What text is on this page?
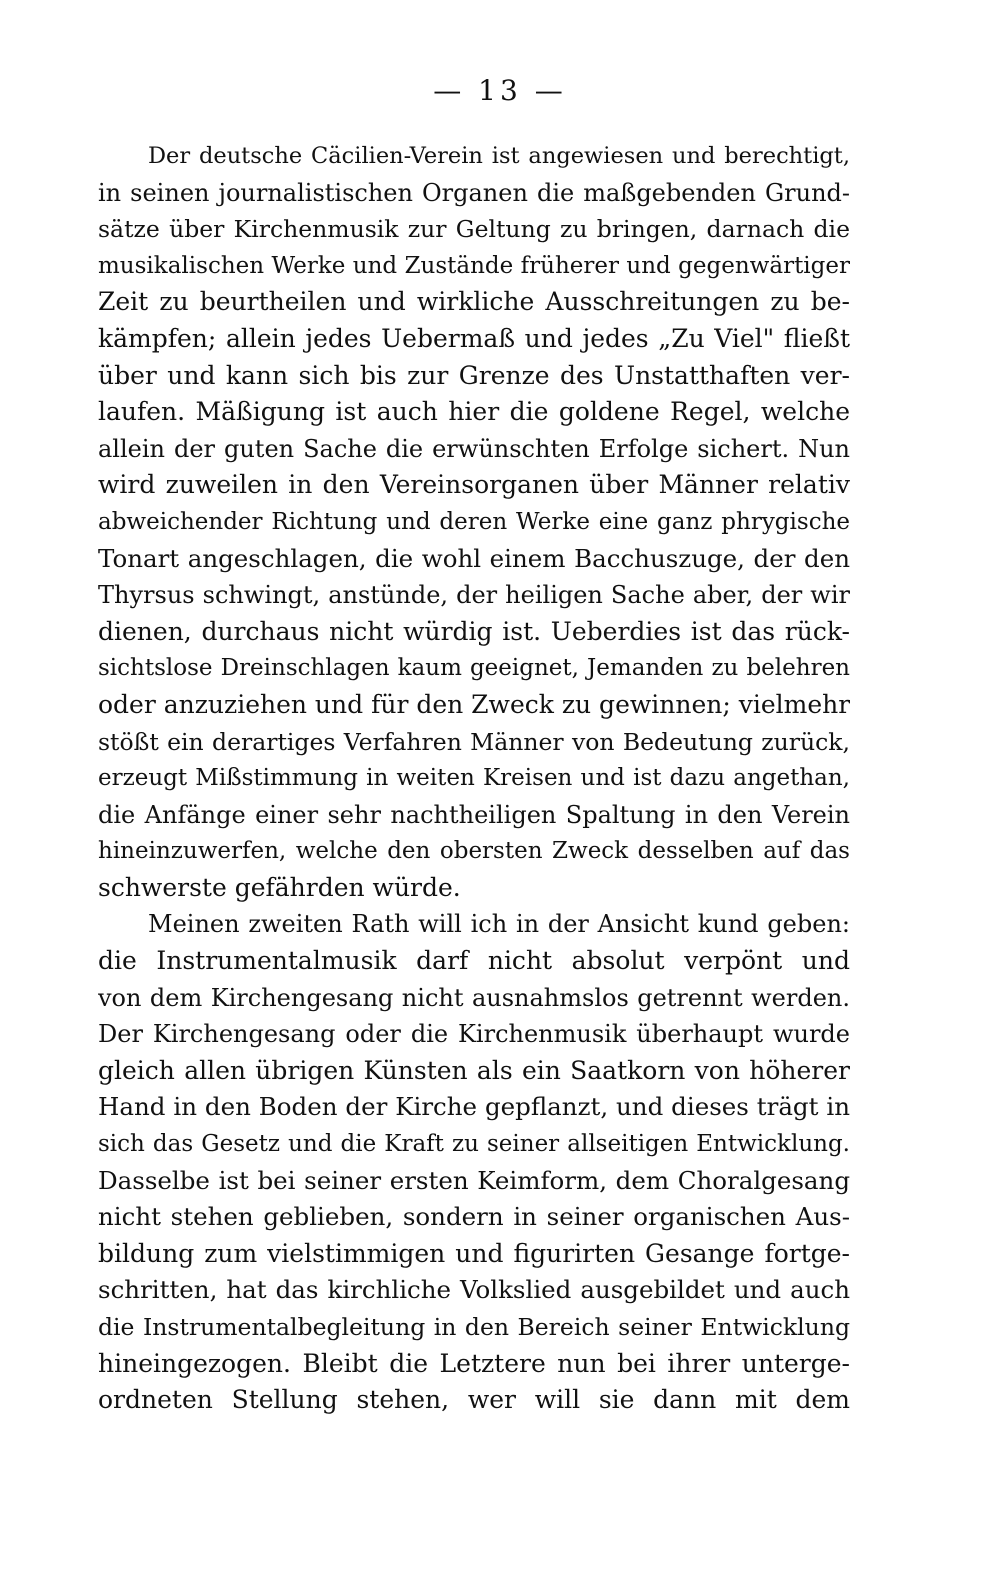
— 13 —
Der deutsche Cäcilien-Verein ist angewiesen und berechtigt,
in seinen journalistischen Organen die maßgebenden Grund-
sätze über Kirchenmusik zur Geltung zu bringen, darnach die
musikalischen Werke und Zustände früherer und gegenwärtiger
Zeit zu beurtheilen und wirkliche Ausschreitungen zu be-
kämpfen; allein jedes Uebermaß und jedes „Zu Viel" fließt
über und kann sich bis zur Grenze des Unstatthaften ver-
laufen. Mäßigung ist auch hier die goldene Regel, welche
allein der guten Sache die erwünschten Erfolge sichert. Nun
wird zuweilen in den Vereinsorganen über Männer relativ
abweichender Richtung und deren Werke eine ganz phrygische
Tonart angeschlagen, die wohl einem Bacchuszuge, der den
Thyrsus schwingt, anstünde, der heiligen Sache aber, der wir
dienen, durchaus nicht würdig ist. Ueberdies ist das rück-
sichtslose Dreinschlagen kaum geeignet, Jemanden zu belehren
oder anzuziehen und für den Zweck zu gewinnen; vielmehr
stößt ein derartiges Verfahren Männer von Bedeutung zurück,
erzeugt Mißstimmung in weiten Kreisen und ist dazu angethan,
die Anfänge einer sehr nachtheiligen Spaltung in den Verein
hineinzuwerfen, welche den obersten Zweck desselben auf das
schwerste gefährden würde.
Meinen zweiten Rath will ich in der Ansicht kund geben:
die Instrumentalmusik darf nicht absolut verpönt und
von dem Kirchengesang nicht ausnahmslos getrennt werden.
Der Kirchengesang oder die Kirchenmusik überhaupt wurde
gleich allen übrigen Künsten als ein Saatkorn von höherer
Hand in den Boden der Kirche gepflanzt, und dieses trägt in
sich das Gesetz und die Kraft zu seiner allseitigen Entwicklung.
Dasselbe ist bei seiner ersten Keimform, dem Choralgesang
nicht stehen geblieben, sondern in seiner organischen Aus-
bildung zum vielstimmigen und figurirten Gesange fortge-
schritten, hat das kirchliche Volkslied ausgebildet und auch
die Instrumentalbegleitung in den Bereich seiner Entwicklung
hineingezogen. Bleibt die Letztere nun bei ihrer unterge-
ordneten Stellung stehen, wer will sie dann mit dem
